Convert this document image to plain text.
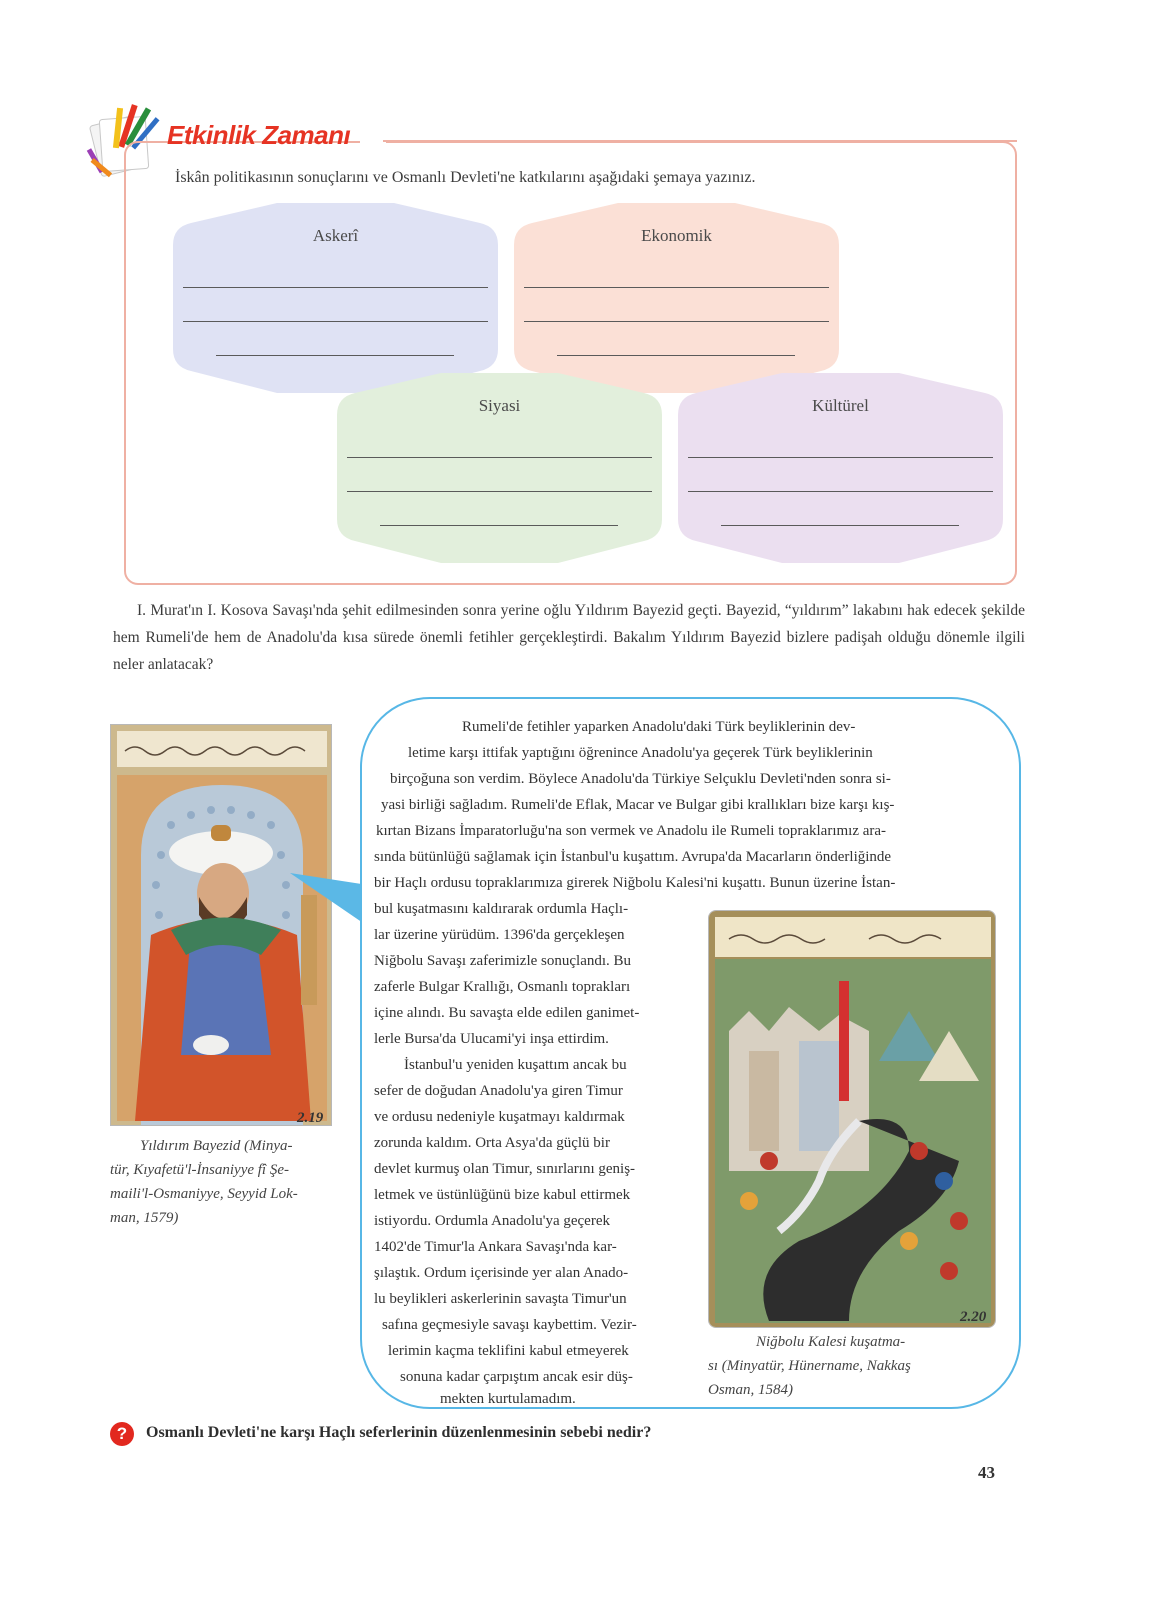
Etkinlik Zamanı
İskân politikasının sonuçlarını ve Osmanlı Devleti'ne katkılarını aşağıdaki şemaya yazınız.
Askerî	Ekonomik
Siyasi	Kültürel
I. Murat'ın I. Kosova Savaşı'nda şehit edilmesinden sonra yerine oğlu Yıldırım Bayezid geçti. Bayezid, “yıldırım” lakabını hak edecek şekilde hem Rumeli'de hem de Anadolu'da kısa sürede önemli fetihler gerçekleştirdi. Bakalım Yıldırım Bayezid bizlere padişah olduğu dönemle ilgili neler anlatacak?
2.19
Yıldırım Bayezid (Minya-
tür, Kıyafetü'l-İnsaniyye fî Şe-
maili'l-Osmaniyye, Seyyid Lok-
man, 1579)
Rumeli'de fetihler yaparken Anadolu'daki Türk beyliklerinin dev-
letime karşı ittifak yaptığını öğrenince Anadolu'ya geçerek Türk beyliklerinin
birçoğuna son verdim. Böylece Anadolu'da Türkiye Selçuklu Devleti'nden sonra si-
yasi birliği sağladım. Rumeli'de Eflak, Macar ve Bulgar gibi krallıkları bize karşı kış-
kırtan Bizans İmparatorluğu'na son vermek ve Anadolu ile Rumeli topraklarımız ara-
sında bütünlüğü sağlamak için İstanbul'u kuşattım. Avrupa'da Macarların önderliğinde
bir Haçlı ordusu topraklarımıza girerek Niğbolu Kalesi'ni kuşattı. Bunun üzerine İstan-
bul kuşatmasını kaldırarak ordumla Haçlı-
lar üzerine yürüdüm. 1396'da gerçekleşen
Niğbolu Savaşı zaferimizle sonuçlandı. Bu
zaferle Bulgar Krallığı, Osmanlı toprakları
içine alındı. Bu savaşta elde edilen ganimet-
lerle Bursa'da Ulucami'yi inşa ettirdim.
İstanbul'u yeniden kuşattım ancak bu
sefer de doğudan Anadolu'ya giren Timur
ve ordusu nedeniyle kuşatmayı kaldırmak
zorunda kaldım. Orta Asya'da güçlü bir
devlet kurmuş olan Timur, sınırlarını geniş-
letmek ve üstünlüğünü bize kabul ettirmek
istiyordu. Ordumla Anadolu'ya geçerek
1402'de Timur'la Ankara Savaşı'nda kar-
şılaştık. Ordum içerisinde yer alan Anado-
lu beylikleri askerlerinin savaşta Timur'un
safına geçmesiyle savaşı kaybettim. Vezir-
lerimin kaçma teklifini kabul etmeyerek
sonuna kadar çarpıştım ancak esir düş-
mekten kurtulamadım.
2.20
Niğbolu Kalesi kuşatma-
sı (Minyatür, Hünername, Nakkaş
Osman, 1584)
?	Osmanlı Devleti'ne karşı Haçlı seferlerinin düzenlenmesinin sebebi nedir?
43
